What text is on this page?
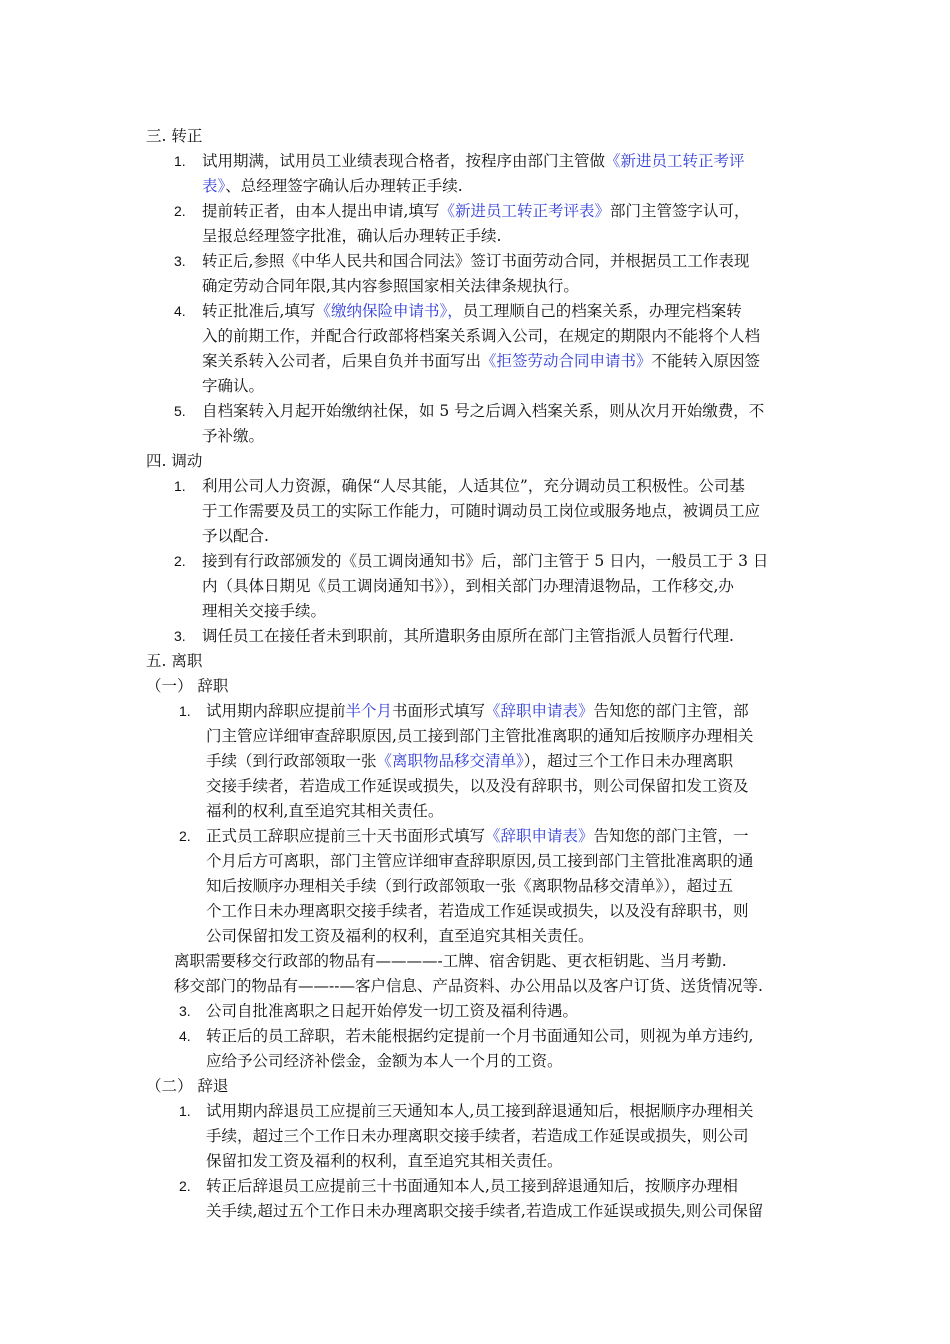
三. 转正
1. 试用期满，试用员工业绩表现合格者，按程序由部门主管做《新进员工转正考评
表》、总经理签字确认后办理转正手续.
2. 提前转正者，由本人提出申请,填写《新进员工转正考评表》部门主管签字认可，
呈报总经理签字批准，确认后办理转正手续.
3. 转正后,参照《中华人民共和国合同法》签订书面劳动合同，并根据员工工作表现
确定劳动合同年限,其内容参照国家相关法律条规执行。
4. 转正批准后,填写《缴纳保险申请书》，员工理顺自己的档案关系，办理完档案转
入的前期工作，并配合行政部将档案关系调入公司，在规定的期限内不能将个人档
案关系转入公司者，后果自负并书面写出《拒签劳动合同申请书》不能转入原因签
字确认。
5. 自档案转入月起开始缴纳社保，如 5 号之后调入档案关系，则从次月开始缴费，不
予补缴。
四. 调动
1. 利用公司人力资源，确保“人尽其能，人适其位”，充分调动员工积极性。公司基
于工作需要及员工的实际工作能力，可随时调动员工岗位或服务地点，被调员工应
予以配合.
2. 接到有行政部颁发的《员工调岗通知书》后，部门主管于 5 日内，一般员工于 3 日
内（具体日期见《员工调岗通知书》），到相关部门办理清退物品，工作移交,办
理相关交接手续。
3. 调任员工在接任者未到职前，其所遣职务由原所在部门主管指派人员暂行代理.
五. 离职
（一） 辞职
1. 试用期内辞职应提前半个月书面形式填写《辞职申请表》告知您的部门主管，部
门主管应详细审查辞职原因,员工接到部门主管批准离职的通知后按顺序办理相关
手续（到行政部领取一张《离职物品移交清单》），超过三个工作日未办理离职
交接手续者，若造成工作延误或损失，以及没有辞职书，则公司保留扣发工资及
福利的权利,直至追究其相关责任。
2. 正式员工辞职应提前三十天书面形式填写《辞职申请表》告知您的部门主管，一
个月后方可离职，部门主管应详细审查辞职原因,员工接到部门主管批准离职的通
知后按顺序办理相关手续（到行政部领取一张《离职物品移交清单》），超过五
个工作日未办理离职交接手续者，若造成工作延误或损失，以及没有辞职书，则
公司保留扣发工资及福利的权利，直至追究其相关责任。
离职需要移交行政部的物品有————-工牌、宿舍钥匙、更衣柜钥匙、当月考勤.
移交部门的物品有——--—客户信息、产品资料、办公用品以及客户订货、送货情况等.
3. 公司自批准离职之日起开始停发一切工资及福利待遇。
4. 转正后的员工辞职，若未能根据约定提前一个月书面通知公司，则视为单方违约,
应给予公司经济补偿金，金额为本人一个月的工资。
（二） 辞退
1. 试用期内辞退员工应提前三天通知本人,员工接到辞退通知后，根据顺序办理相关
手续，超过三个工作日未办理离职交接手续者，若造成工作延误或损失，则公司
保留扣发工资及福利的权利，直至追究其相关责任。
2. 转正后辞退员工应提前三十书面通知本人,员工接到辞退通知后，按顺序办理相
关手续,超过五个工作日未办理离职交接手续者,若造成工作延误或损失,则公司保留
